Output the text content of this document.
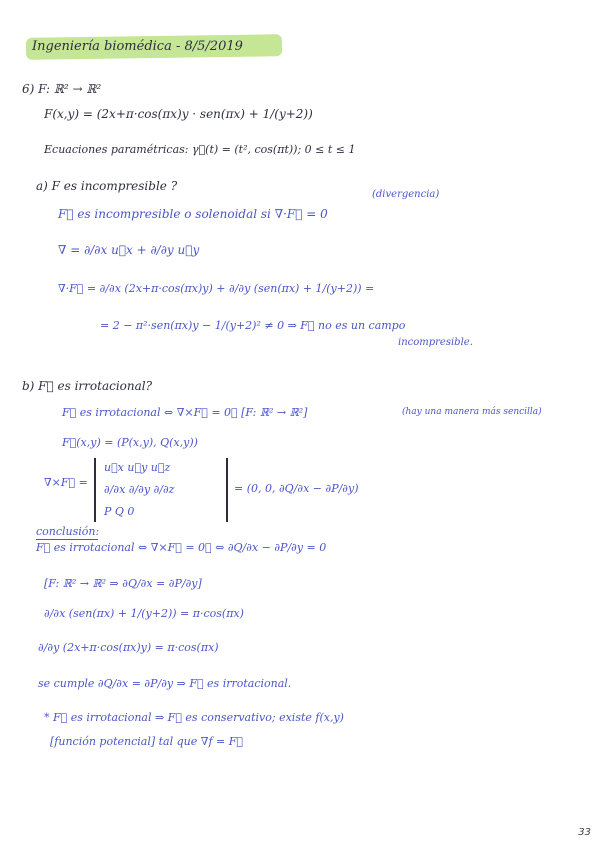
Ingeniería biomédica - 8/5/2019
6) F: ℝ² → ℝ²
F(x,y) = (2x+π·cos(πx)y · sen(πx) + 1/(y+2))
Ecuaciones paramétricas: γ⃗(t) = (t², cos(πt)); 0 ≤ t ≤ 1
a) F es incompresible ?
(divergencia)
F⃗ es incompresible o solenoidal si ∇·F⃗ = 0
∇ = ∂/∂x u⃗x + ∂/∂y u⃗y
∇·F⃗ = ∂/∂x (2x+π·cos(πx)y) + ∂/∂y (sen(πx) + 1/(y+2)) =
= 2 − π²·sen(πx)y − 1/(y+2)² ≠ 0 ⇒ F⃗ no es un campo
incompresible.
b) F⃗ es irrotacional?
F⃗ es irrotacional ⇔ ∇×F⃗ = 0⃗ [F: ℝ² → ℝ²]	(hay una manera más sencilla)
F⃗(x,y) = (P(x,y), Q(x,y))
∇×F⃗ =
u⃗x u⃗y u⃗z
∂/∂x ∂/∂y ∂/∂z
P Q 0
= (0, 0, ∂Q/∂x − ∂P/∂y)
conclusión:
F⃗ es irrotacional ⇔ ∇×F⃗ = 0⃗ ⇔ ∂Q/∂x − ∂P/∂y = 0
[F: ℝ² → ℝ² ⇒ ∂Q/∂x = ∂P/∂y]
∂/∂x (sen(πx) + 1/(y+2)) = π·cos(πx)
∂/∂y (2x+π·cos(πx)y) = π·cos(πx)
se cumple ∂Q/∂x = ∂P/∂y ⇒ F⃗ es irrotacional.
* F⃗ es irrotacional ⇒ F⃗ es conservativo; existe f(x,y)
[función potencial] tal que ∇f = F⃗
33
